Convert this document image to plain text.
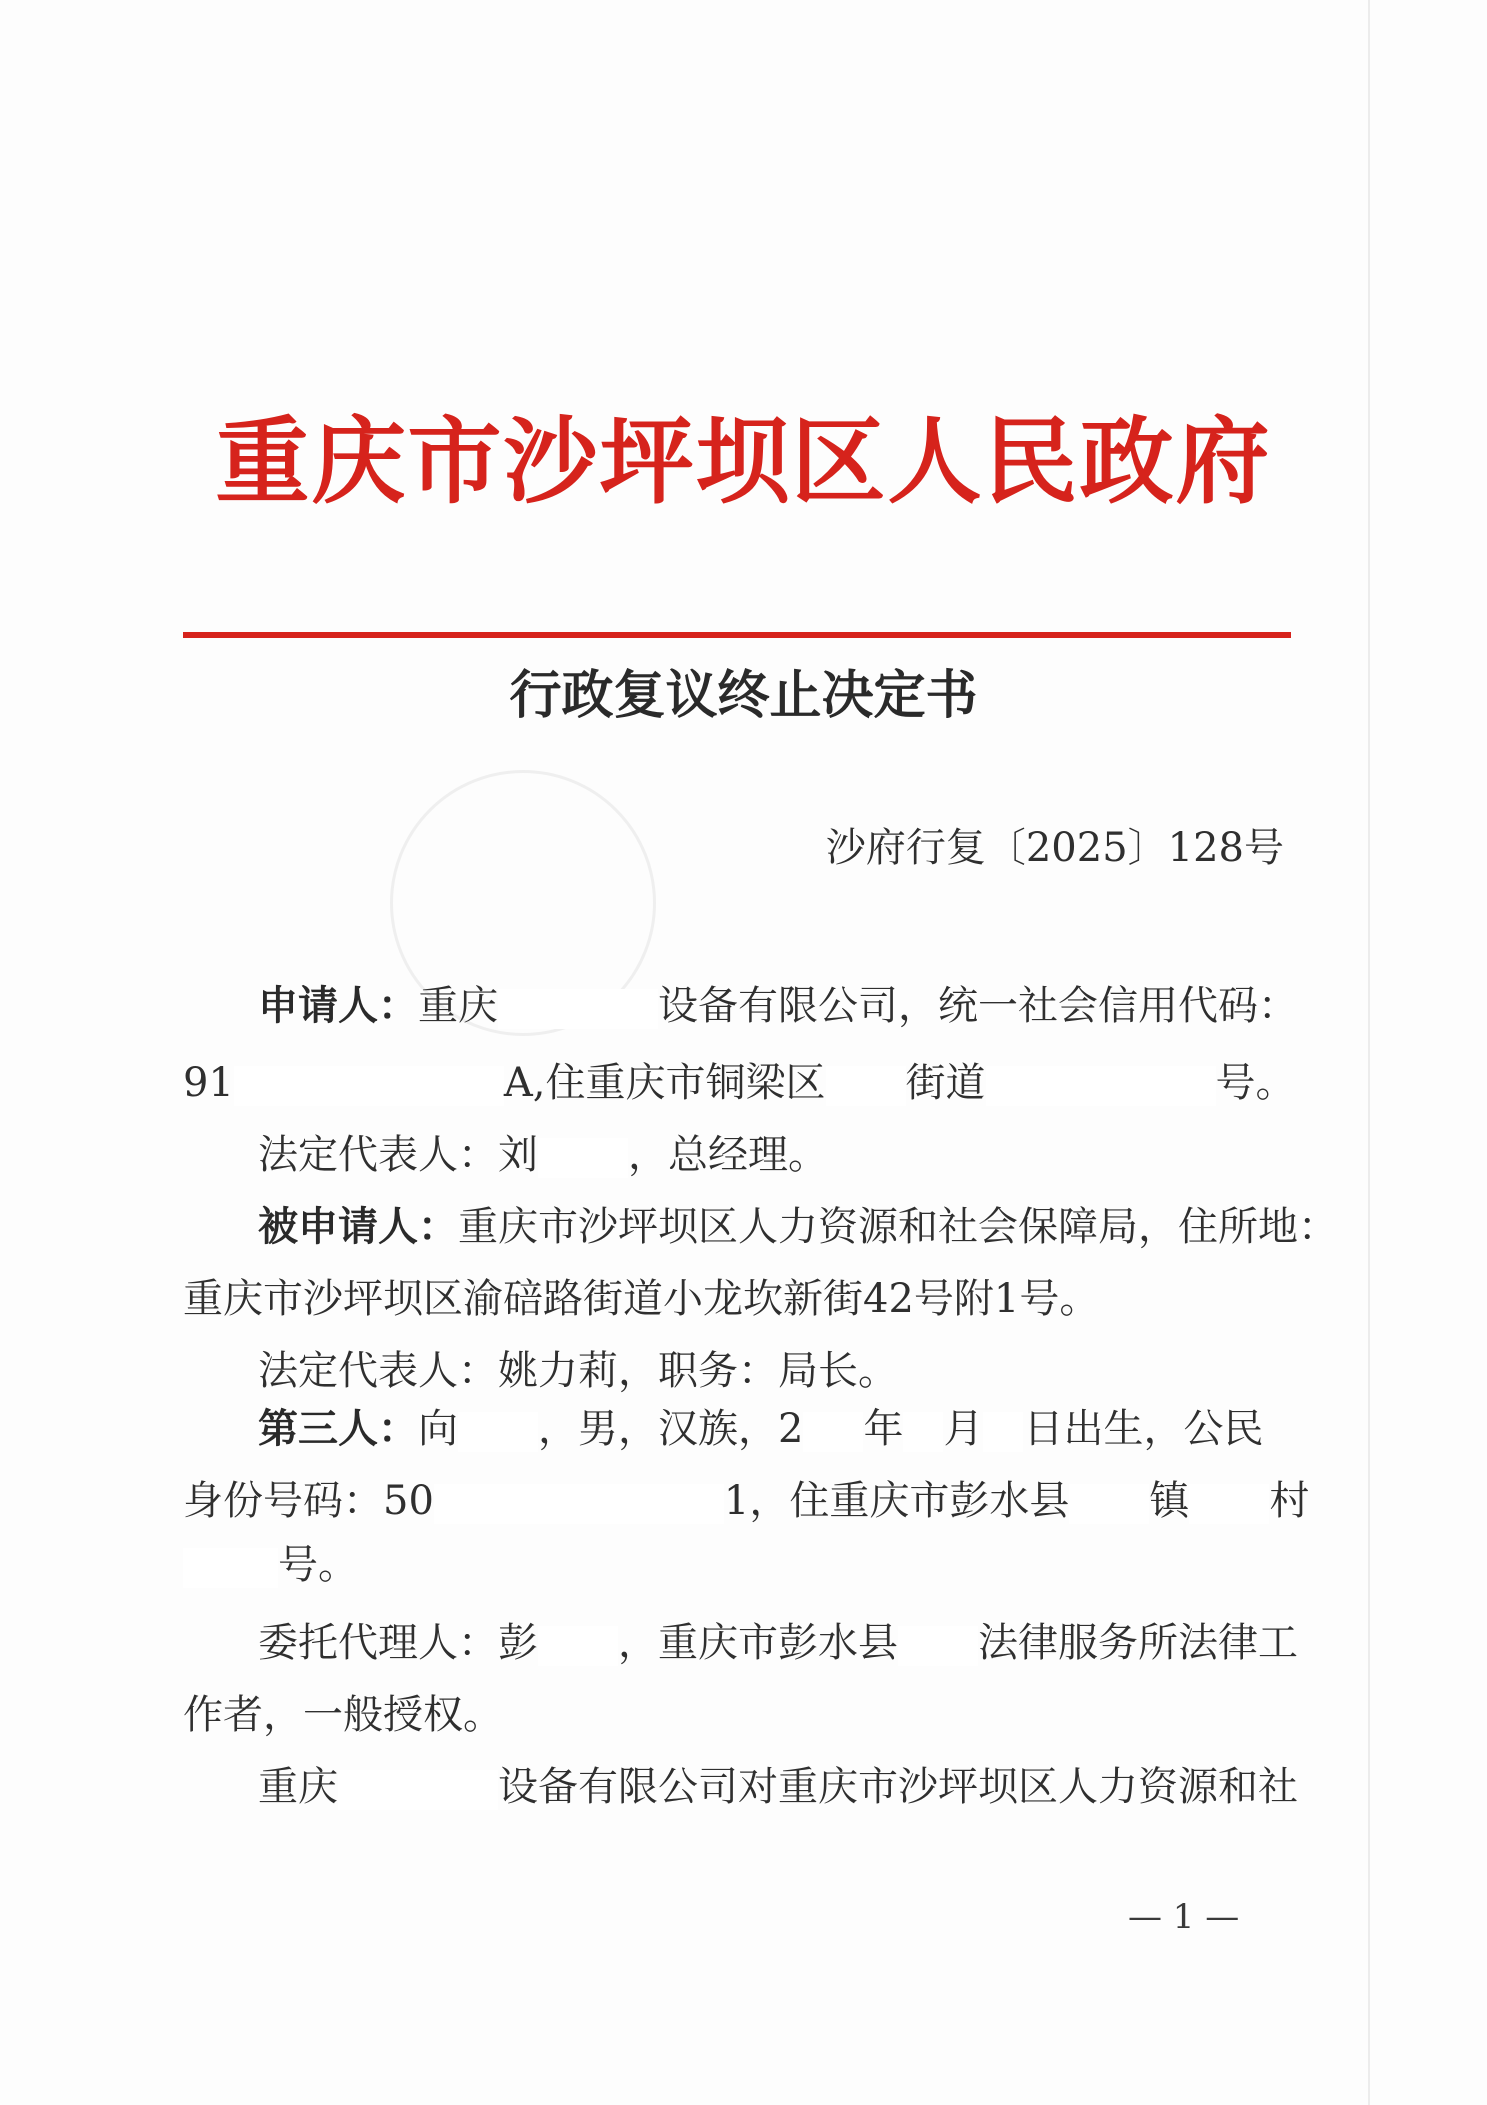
重庆市沙坪坝区人民政府
行政复议终止决定书
沙府行复〔2025〕128号
申请人：重庆	设备有限公司，统一社会信用代码：
91	A,住重庆市铜梁区 街道	号。
法定代表人：刘 ，总经理。
被申请人：重庆市沙坪坝区人力资源和社会保障局，住所地：
重庆市沙坪坝区渝碚路街道小龙坎新街42号附1号。
法定代表人：姚力莉，职务：局长。
第三人：向 ，男，汉族，2 年 月 日出生，公民
身份号码：50	1，住重庆市彭水县 镇 村
号。
委托代理人：彭 ，重庆市彭水县 法律服务所法律工
作者，一般授权。
重庆	设备有限公司对重庆市沙坪坝区人力资源和社
— 1 —
